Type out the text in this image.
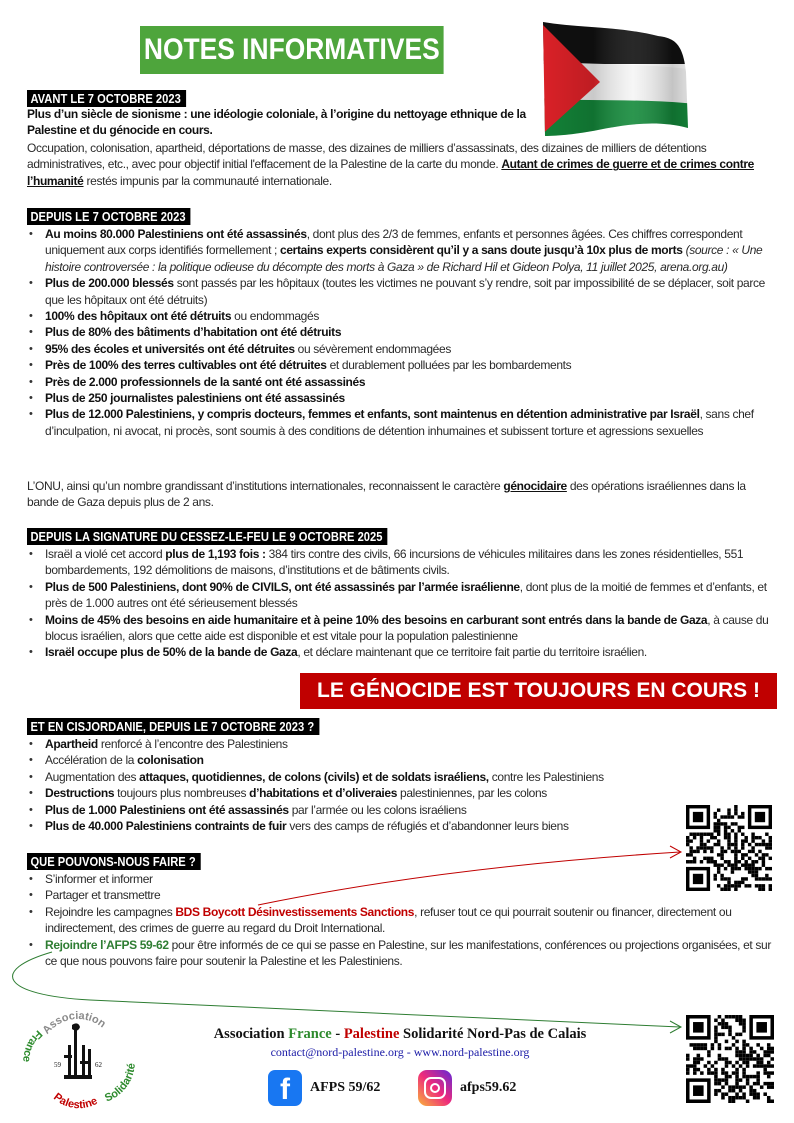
NOTES INFORMATIVES
AVANT LE 7 OCTOBRE 2023
Plus d’un siècle de sionisme : une idéologie coloniale, à l’origine du nettoyage ethnique de la Palestine et du génocide en cours.
Occupation, colonisation, apartheid, déportations de masse, des dizaines de milliers d’assassinats, des dizaines de milliers de détentions administratives, etc., avec pour objectif initial l'effacement de la Palestine de la carte du monde. Autant de crimes de guerre et de crimes contre l’humanité restés impunis par la communauté internationale.
DEPUIS LE 7 OCTOBRE 2023
• Au moins 80.000 Palestiniens ont été assassinés, dont plus des 2/3 de femmes, enfants et personnes âgées. Ces chiffres correspondent uniquement aux corps identifiés formellement ; certains experts considèrent qu’il y a sans doute jusqu’à 10x plus de morts (source : « Une histoire controversée : la politique odieuse du décompte des morts à Gaza » de Richard Hil et Gideon Polya, 11 juillet 2025, arena.org.au)
• Plus de 200.000 blessés sont passés par les hôpitaux (toutes les victimes ne pouvant s’y rendre, soit par impossibilité de se déplacer, soit parce que les hôpitaux ont été détruits)
• 100% des hôpitaux ont été détruits ou endommagés
• Plus de 80% des bâtiments d’habitation ont été détruits
• 95% des écoles et universités ont été détruites ou sévèrement endommagées
• Près de 100% des terres cultivables ont été détruites et durablement polluées par les bombardements
• Près de 2.000 professionnels de la santé ont été assassinés
• Plus de 250 journalistes palestiniens ont été assassinés
• Plus de 12.000 Palestiniens, y compris docteurs, femmes et enfants, sont maintenus en détention administrative par Israël, sans chef d’inculpation, ni avocat, ni procès, sont soumis à des conditions de détention inhumaines et subissent torture et agressions sexuelles
L’ONU, ainsi qu’un nombre grandissant d’institutions internationales, reconnaissent le caractère génocidaire des opérations israéliennes dans la bande de Gaza depuis plus de 2 ans.
DEPUIS LA SIGNATURE DU CESSEZ-LE-FEU LE 9 OCTOBRE 2025
• Israël a violé cet accord plus de 1,193 fois : 384 tirs contre des civils, 66 incursions de véhicules militaires dans les zones résidentielles, 551 bombardements, 192 démolitions de maisons, d’institutions et de bâtiments civils.
• Plus de 500 Palestiniens, dont 90% de CIVILS, ont été assassinés par l’armée israélienne, dont plus de la moitié de femmes et d’enfants, et près de 1.000 autres ont été sérieusement blessés
• Moins de 45% des besoins en aide humanitaire et à peine 10% des besoins en carburant sont entrés dans la bande de Gaza, à cause du blocus israélien, alors que cette aide est disponible et est vitale pour la population palestinienne
• Israël occupe plus de 50% de la bande de Gaza, et déclare maintenant que ce territoire fait partie du territoire israélien.
LE GÉNOCIDE EST TOUJOURS EN COURS !
ET EN CISJORDANIE, DEPUIS LE 7 OCTOBRE 2023 ?
• Apartheid renforcé à l’encontre des Palestiniens
• Accélération de la colonisation
• Augmentation des attaques, quotidiennes, de colons (civils) et de soldats israéliens, contre les Palestiniens
• Destructions toujours plus nombreuses d’habitations et d’oliveraies palestiniennes, par les colons
• Plus de 1.000 Palestiniens ont été assassinés par l’armée ou les colons israéliens
• Plus de 40.000 Palestiniens contraints de fuir vers des camps de réfugiés et d’abandonner leurs biens
QUE POUVONS-NOUS FAIRE ?
• S’informer et informer
• Partager et transmettre
• Rejoindre les campagnes BDS Boycott Désinvestissements Sanctions, refuser tout ce qui pourrait soutenir ou financer, directement ou indirectement, des crimes de guerre au regard du Droit International.
• Rejoindre l’AFPS 59-62 pour être informés de ce qui se passe en Palestine, sur les manifestations, conférences ou projections organisées, et sur ce que nous pouvons faire pour soutenir la Palestine et les Palestiniens.
Association
France
Palestine Solidarité
59	62
Association France - Palestine Solidarité Nord-Pas de Calais
contact@nord-palestine.org - www.nord-palestine.org
f AFPS 59/62	afps59.62
